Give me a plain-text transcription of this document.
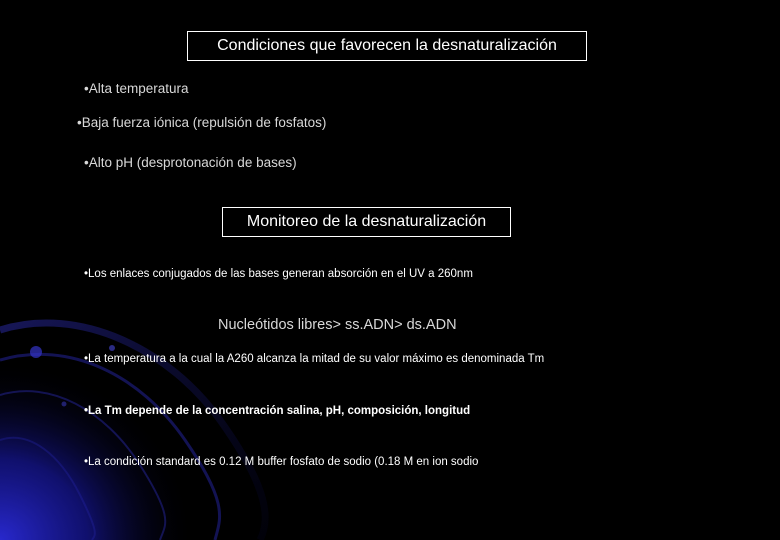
Condiciones que favorecen la desnaturalización
•Alta temperatura
•Baja fuerza iónica (repulsión de fosfatos)
•Alto pH (desprotonación de bases)
Monitoreo de la desnaturalización
•Los enlaces conjugados de las bases generan absorción en el UV a 260nm
Nucleótidos libres> ss.ADN> ds.ADN
•La temperatura a la cual la A260 alcanza la mitad de su valor máximo es denominada Tm
•La Tm depende de la concentración salina, pH, composición, longitud
•La condición standard es 0.12 M buffer fosfato de sodio (0.18 M en ion sodio
